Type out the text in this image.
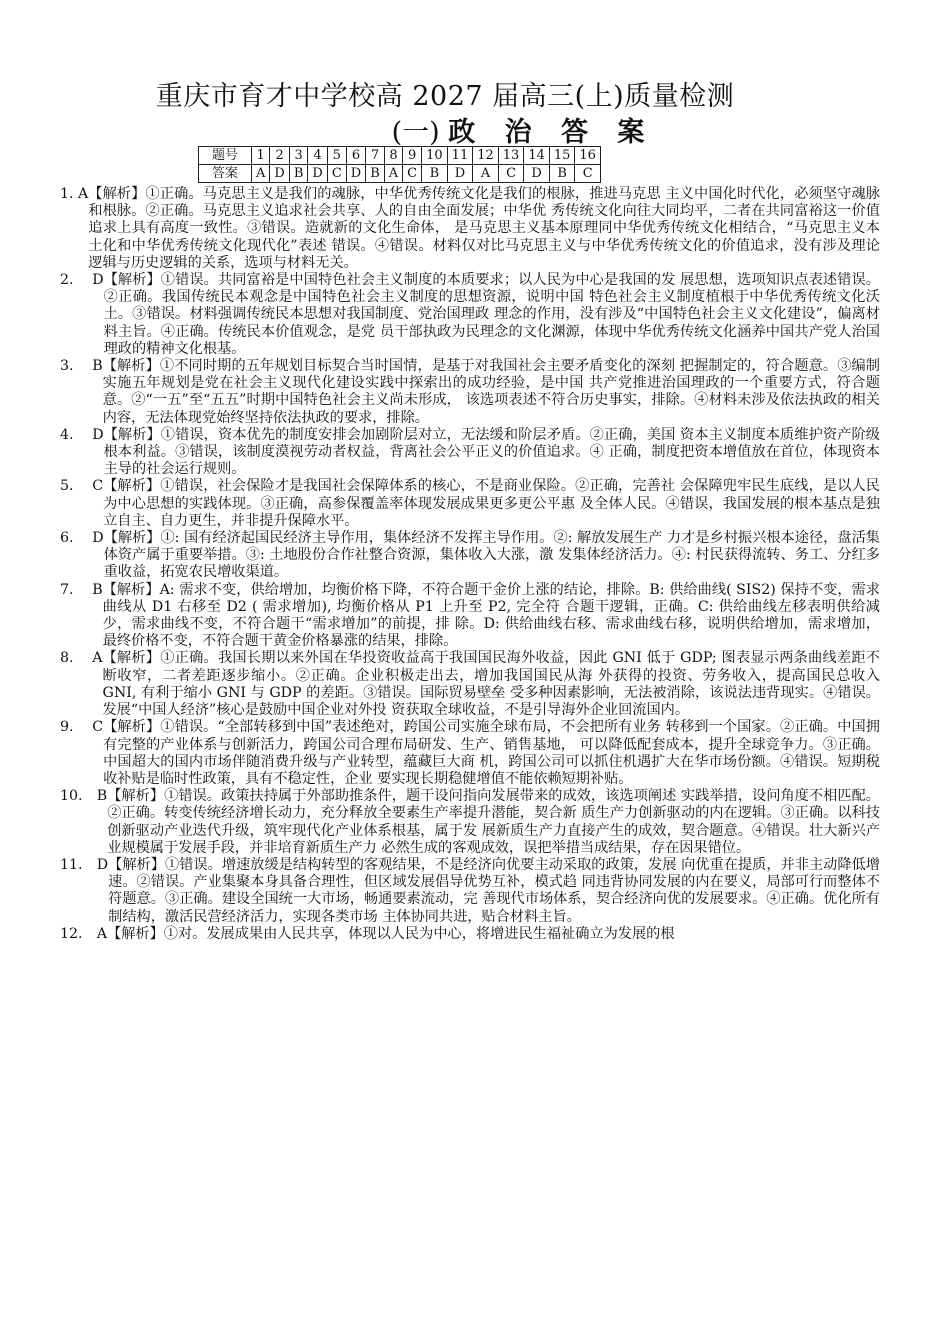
重庆市育才中学校高 2027 届高三(上)质量检测
(一) 政 治 答 案
题号	1	2	3	4	5	6	7	8	9	10	11	12	13	14	15	16
答案	A	D	B	D	C	D	B	A	C	B	D	A	C	D	B	C
1. A 【解析】①正确。马克思主义是我们的魂脉，中华优秀传统文化是我们的根脉，推进马克思 主义中国化时代化，必须坚守魂脉和根脉。②正确。马克思主义追求社会共享、人的自由全面发展；中华优 秀传统文化向往大同均平，二者在共同富裕这一价值追求上具有高度一致性。③错误。造就新的文化生命体， 是马克思主义基本原理同中华优秀传统文化相结合，“马克思主义本土化和中华优秀传统文化现代化”表述 错误。④错误。材料仅对比马克思主义与中华优秀传统文化的价值追求，没有涉及理论逻辑与历史逻辑的关系，选项与材料无关。
2.　 D 【解析】①错误。共同富裕是中国特色社会主义制度的本质要求；以人民为中心是我国的发 展思想，选项知识点表述错误。②正确。我国传统民本观念是中国特色社会主义制度的思想资源，说明中国 特色社会主义制度植根于中华优秀传统文化沃土。③错误。材料强调传统民本思想对我国制度、党治国理政 理念的作用，没有涉及“中国特色社会主义文化建设”，偏离材料主旨。④正确。传统民本价值观念，是党 员干部执政为民理念的文化渊源，体现中华优秀传统文化涵养中国共产党人治国理政的精神文化根基。
3.　 B 【解析】①不同时期的五年规划目标契合当时国情，是基于对我国社会主要矛盾变化的深刻 把握制定的，符合题意。③编制实施五年规划是党在社会主义现代化建设实践中探索出的成功经验，是中国 共产党推进治国理政的一个重要方式，符合题意。②“一五”至“五五”时期中国特色社会主义尚未形成， 该选项表述不符合历史事实，排除。④材料未涉及依法执政的相关内容，无法体现党始终坚持依法执政的要求，排除。
4.　 D 【解析】①错误，资本优先的制度安排会加剧阶层对立，无法缓和阶层矛盾。②正确，美国 资本主义制度本质维护资产阶级根本利益。③错误，该制度漠视劳动者权益，背离社会公平正义的价值追求。④ 正确，制度把资本增值放在首位，体现资本主导的社会运行规则。
5.　 C 【解析】①错误，社会保险才是我国社会保障体系的核心，不是商业保险。②正确，完善社 会保障兜牢民生底线，是以人民为中心思想的实践体现。③正确，高参保覆盖率体现发展成果更多更公平惠 及全体人民。④错误，我国发展的根本基点是独立自主、自力更生，并非提升保障水平。
6.　 D 【解析】①: 国有经济起国民经济主导作用，集体经济不发挥主导作用。②: 解放发展生产 力才是乡村振兴根本途径，盘活集体资产属于重要举措。③: 土地股份合作社整合资源，集体收入大涨，激 发集体经济活力。④: 村民获得流转、务工、分红多重收益，拓宽农民增收渠道。
7.　 B 【解析】A: 需求不变，供给增加，均衡价格下降，不符合题干金价上涨的结论，排除。B: 供给曲线( SIS2) 保持不变，需求曲线从 D1 右移至 D2 ( 需求增加), 均衡价格从 P1 上升至 P2, 完全符 合题干逻辑，正确。C: 供给曲线左移表明供给减少，需求曲线不变，不符合题干“需求增加”的前提，排 除。D: 供给曲线右移、需求曲线右移，说明供给增加，需求增加，最终价格不变，不符合题干黄金价格暴涨的结果，排除。
8.　 A 【解析】①正确。我国长期以来外国在华投资收益高于我国国民海外收益，因此 GNI 低于 GDP; 图表显示两条曲线差距不断收窄，二者差距逐步缩小。②正确。企业积极走出去，增加我国国民从海 外获得的投资、劳务收入，提高国民总收入 GNI, 有利于缩小 GNI 与 GDP 的差距。③错误。国际贸易壁垒 受多种因素影响，无法被消除，该说法违背现实。④错误。发展“中国人经济”核心是鼓励中国企业对外投 资获取全球收益，不是引导海外企业回流国内。
9.　 C 【解析】①错误。“全部转移到中国”表述绝对，跨国公司实施全球布局，不会把所有业务 转移到一个国家。②正确。中国拥有完整的产业体系与创新活力，跨国公司合理布局研发、生产、销售基地， 可以降低配套成本，提升全球竞争力。③正确。中国超大的国内市场伴随消费升级与产业转型，蕴藏巨大商 机，跨国公司可以抓住机遇扩大在华市场份额。④错误。短期税收补贴是临时性政策，具有不稳定性，企业 要实现长期稳健增值不能依赖短期补贴。
10.　B 【解析】①错误。政策扶持属于外部助推条件，题干设问指向发展带来的成效，该选项阐述 实践举措，设问角度不相匹配。②正确。转变传统经济增长动力，充分释放全要素生产率提升潜能，契合新 质生产力创新驱动的内在逻辑。③正确。以科技创新驱动产业迭代升级，筑牢现代化产业体系根基，属于发 展新质生产力直接产生的成效，契合题意。④错误。壮大新兴产业规模属于发展手段，并非培育新质生产力 必然生成的客观成效，误把举措当成结果，存在因果错位。
11.　D 【解析】①错误。增速放缓是结构转型的客观结果，不是经济向优要主动采取的政策，发展 向优重在提质，并非主动降低增速。②错误。产业集聚本身具备合理性，但区域发展倡导优势互补，模式趋 同违背协同发展的内在要义，局部可行而整体不符题意。③正确。建设全国统一大市场，畅通要素流动，完 善现代市场体系，契合经济向优的发展要求。④正确。优化所有制结构，激活民营经济活力，实现各类市场 主体协同共进，贴合材料主旨。
12.　A 【解析】①对。发展成果由人民共享，体现以人民为中心，将增进民生福祉确立为发展的根
